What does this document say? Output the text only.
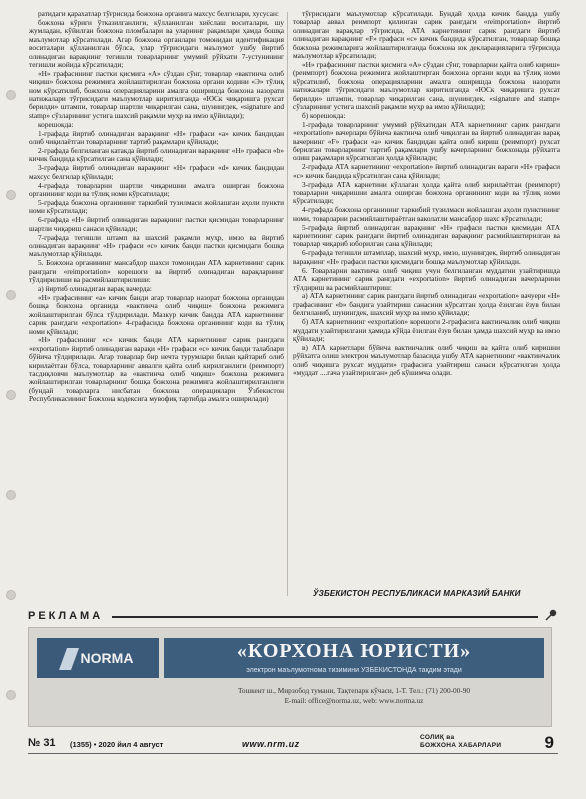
ратидаги қарахатлар тўғрисида божхона органига махсус белгилари, хусусан:

божхона кўриги ўтказилганлиги, кўлланилган хиёслаш воситалари, шу жумладан, кўйилган божхона пломбалари ва уларнинг рақамлари ҳамда бошқа маълумотлар кўрсатилади. Агар божхона органлари томонидан идентификация воситалари қўлланилган бўлса, улар тўғрисидаги маълумот ушбу йиртиб олинадиган варақнинг тегишли товарларнинг умумий рўйхати 7-устунининг тегишли жойида кўрсатилади;

«Н» графасининг пастки қисмига «А» сўздан сўнг, товарлар «вактинча олиб чиқиш» божхона режимига жойлаштирилган божхона органи кодини «Э» тўлиқ ном кўрсатилиб, божхона операцияларини амалга оширишда божхона назорати натижалари тўғрисидаги маълумотлар киритилганда «ЮСк чиқаришга рухсат берилди» штампи, товарлар шартли чиқарилган сана, шунингдек, «signature and stamp» сўзларининг устига шахсий рақамли муҳр ва имзо қўйилади);

корешокда:

1-графада йиртиб олинадиган варақнинг «Н» графаси «а» кичик бандидан олиб чиқилаётган товарларнинг тартиб рақамлари қўйилади;

2-графада белгиланган катакда йиртиб олинадиган варақнинг «Н» графаси «b» кичик бандида кўрсатилган сана қўйилади;

3-графада йиртиб олинадиган варақнинг «Н» графаси «d» кичик бандидан махсус белгилар қўйилади;

4-графада товарларни шартли чиқаришни амалга оширган божхона органининг коди ва тўлиқ номи кўрсатилади;

5-графада божхона органининг таркибий тузилмаси жойлашган аҳоли пункти номи кўрсатилади;

6-графада «Н» йиртиб олинадиган варақнинг пастки қисмидан товарларнинг шартли чиқариш санаси қўйилади;

7-графада тегишли штамп ва шахсий рақамли муҳр, имзо ва йиртиб олинадиган варақнинг «Н» графаси «с» кичик банди пастки қисмидаги бошқа маълумотлар қўйилади.

5. Божхона органининг мансабдор шахси томонидан АТА карнетининг сарик рангдаги «reimportation» корешоги ва йиртиб олинадиган варақларнинг тўлдирилиши ва расмийлаштирилиши:

а) йиртиб олинадиган варақ вачердa:

«Н» графасининг «а» кичик банди агар товарлар назорат божхона органидан бошқа божхона органида «вактинча олиб чиқиш» божхона режимига жойлаштирилган бўлса тўлдирилади. Мазкур кичик бандда АТА карнетининг сарик рангдаги «exportation» 4-графасида божхона органининг коди ва тўлиқ номи қўйилади;

«Н» графасининг «с» кичик банди АТА карнетининг сарик рангдаги «exportation» йиртиб олинадиган варақи «Н» графаси «с» кичик банди талаблари бўйича тўлдирилади. Агар товарлар бир нечта турумлари билан қайтариб олиб кирилаётган бўлса, товарларнинг аввалги қайта олиб кирилганлиги (реимпорт) тасдиқловчи маълумотлар ва «вактинча олиб чиқиш» божхона режимига жойлаштирилган товарларнинг бошқа божхона режимига жойлаштирилганлиги (бундай товарларга нисбатан божхона операциялари Ўзбекистон Республикасининг Божхона кодексига мувофиқ тартибда амалга оширилади)

тўғрисидаги маълумотлар кўрсатилади. Бундай ҳолда кичик бандда ушбу товарлар аввал реимпорт қилинган сарик рангдаги «reimportation» йиртиб олинадиган варақлар тўғрисида, АТА карнетининг сарик рангдаги йиртиб олинадиган варақнинг «F» графаси «с» кичик бандида кўрсатилган, товарлар бошқа божхона режимларига жойлаштирилганда божхона юк декларацияларига тўғрисида маълумотлар кўрсатилади;

«Н» графасининг пастки қисмига «А» сўздан сўнг, товарларни қайта олиб кириш» (реимпорт) божхона режимига жойлаштирган божхона органи коди ва тўлиқ номи кўрсатилиб, божхона операцияларини амалга оширишда божхона назорати натижалари тўғрисидаги маълумотлар киритилганда «ЮСк чиқаришга рухсат берилди» штампи, товарлар чиқарилган сана, шунингдек, «signature and stamp» сўзларининг устига шахсий рақамли муҳр ва имзо қўйилади);

б) корешокда:

1-графада товарларнинг умумий рўйхатидан АТА карнетининг сарик рангдаги «exportation» вачерлари бўйича вактинча олиб чиқилган ва йиртиб олинадиган варақ вачернинг «F» графаси «а» кичик бандидан қайта олиб кириш (реимпорт) рухсат берилган товарларнинг тартиб рақамлари ушбу вачерларнинг божхонада рўйхатга олиш рақамлари кўрсатилган ҳолда қўйилади;

2-графада АТА карнетининг «exportation» йиртиб олинадиган вараги «Н» графаси «с» кичик бандида кўрсатилган сана қўйилади;

3-графада АТА карнетини кўллаган ҳолда қайта олиб кирилаётган (реимпорт) товарларни чиқаришни амалга оширган божхона органининг коди ва тўлиқ номи кўрсатилади;

4-графада божхона органининг таркибий тузилмаси жойлашган аҳоли пунктининг номи, товарларни расмийлаштираётган ваколатли мансабдор шахс кўрсатилади;

5-графада йиртиб олинадиган варақнинг «Н» графаси пастки қисмидан АТА карнетининг сарик рангдаги йиртиб олинадиган варақнинг расмийлаштирилган ва товарлар чиқариб юборилган сана қўйилади;

6-графада тегишли штамплар, шахсий муҳр, имзо, шунингдек, йиртиб олинадиган варақнинг «Н» графаси пастки қисмидаги бошқа маълумотлар қўйилади.

6. Товарларни вактинча олиб чиқиш учун белгиланган муддатни узайтиришда АТА карнетининг сарик рангдаги «exportation» йиртиб олинадиган вачерларини тўлдириш ва расмийлаштириш:

а) АТА карнетининг сарик рангдаги йиртиб олинадиган «exportation» вачуери «Н» графасининг «b» бандига узайтириш санасини кўрсатган ҳолда ёзилган ёзув билан белгиланиб, шунингдек, шахсий муҳр ва имзо қўйилади;

б) АТА карнетининг «exportation» корешоги 2-графасига вактинчалик олиб чиқиш муддати узайтирилгани ҳамида кўйда ёзилган ёзув билан ҳамда шахсий муҳр ва имзо қўйилади;

в) АТА карнетлари бўйича вактинчалик олиб чиқиш ва қайта олиб киришни рўйхатга олиш электрон маълумотлар базасида ушбу АТА карнетининг «вактинчалик олиб чиқишга рухсат муддати» графасига узайтириш санаси кўрсатилган ҳолда «муддат ....гача узайтирилган» деб кўшимча олади.

ЎЗБЕКИСТОН РЕСПУБЛИКАСИ МАРКАЗИЙ БАНКИ
РЕКЛАМА
NORMA	«КОРХОНА ЮРИСТИ»
электрон маълумотнома тизимини УЗБЕКИСТОНДА тақдим этади
Тошкент ш., Мирзобод тумани, Тақтепарк кўчаси, 1-Т. Тел.: (71) 200-00-90
E-mail: office@norma.uz, web: www.norma.uz
№ 31 (1355) • 2020 йил 4 август	www.nrm.uz
СОЛИҚ ва
БОЖХОНА ХАБАРЛАРИ	9
